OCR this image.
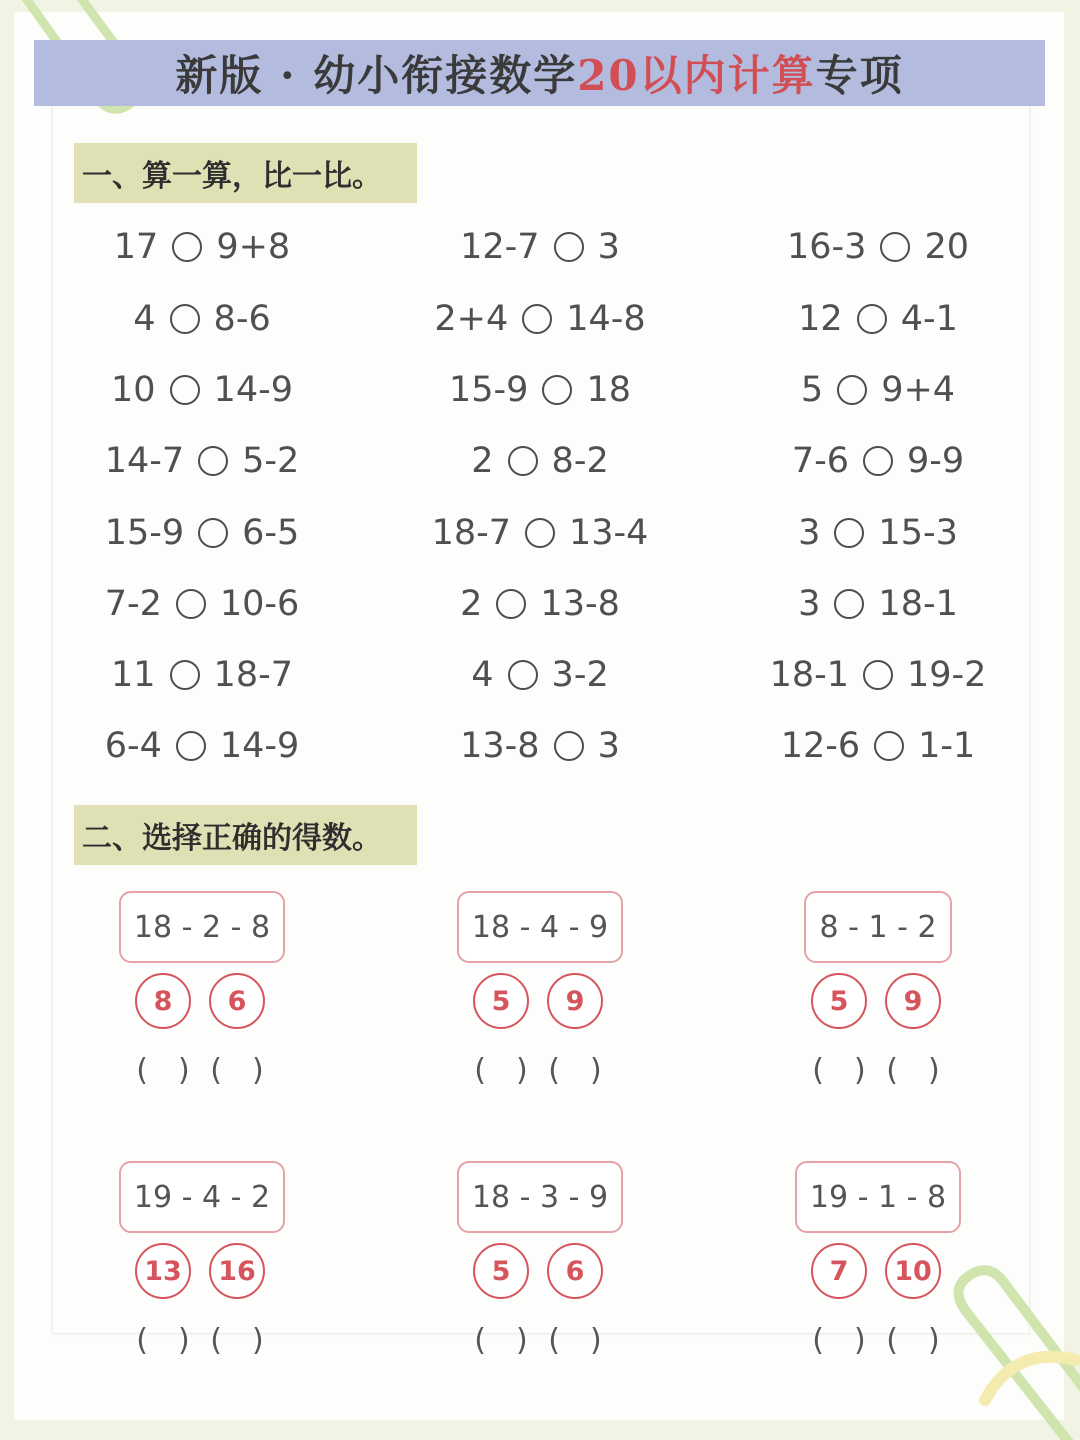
新版 · 幼小衔接数学 20以内计算 专项
一、算一算，比一比。
17 9+8	12-7 3	16-3 20
4 8-6	2+4 14-8	12 4-1
10 14-9	15-9 18	5 9+4
14-7 5-2	2 8-2	7-6 9-9
15-9 6-5	18-7 13-4	3 15-3
7-2 10-6	2 13-8	3 18-1
11 18-7	4 3-2	18-1 19-2
6-4 14-9	13-8 3	12-6 1-1
二、选择正确的得数。
18 - 2 - 8
8
(　)
6
(　)
18 - 4 - 9
5
(　)
9
(　)
8 - 1 - 2
5
(　)
9
(　)
19 - 4 - 2
13
(　)
16
(　)
18 - 3 - 9
5
(　)
6
(　)
19 - 1 - 8
7
(　)
10
(　)
